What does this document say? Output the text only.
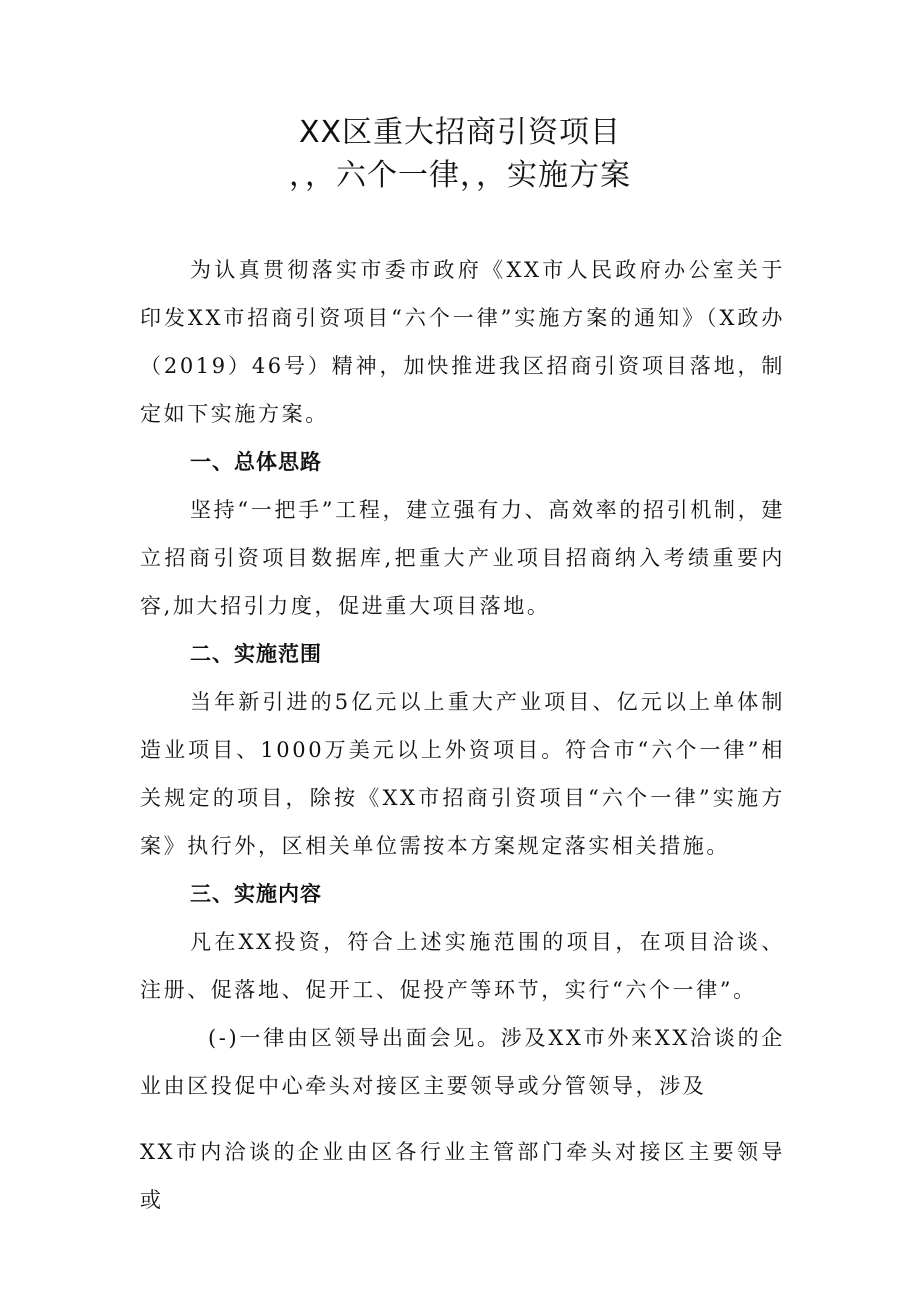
XX区重大招商引资项目
，，六个一律，，实施方案

为认真贯彻落实市委市政府《XX市人民政府办公室关于印发XX市招商引资项目“六个一律”实施方案的通知》（X政办（2019）46号）精神，加快推进我区招商引资项目落地，制定如下实施方案。

一、总体思路

坚持“一把手”工程，建立强有力、高效率的招引机制，建立招商引资项目数据库,把重大产业项目招商纳入考绩重要内容,加大招引力度，促进重大项目落地。

二、实施范围

当年新引进的5亿元以上重大产业项目、亿元以上单体制造业项目、1000万美元以上外资项目。符合市“六个一律”相关规定的项目，除按《XX市招商引资项目“六个一律”实施方案》执行外，区相关单位需按本方案规定落实相关措施。

三、实施内容

凡在XX投资，符合上述实施范围的项目，在项目洽谈、注册、促落地、促开工、促投产等环节，实行“六个一律”。

(-)一律由区领导出面会见。涉及XX市外来XX洽谈的企业由区投促中心牵头对接区主要领导或分管领导，涉及

XX市内洽谈的企业由区各行业主管部门牵头对接区主要领导或
